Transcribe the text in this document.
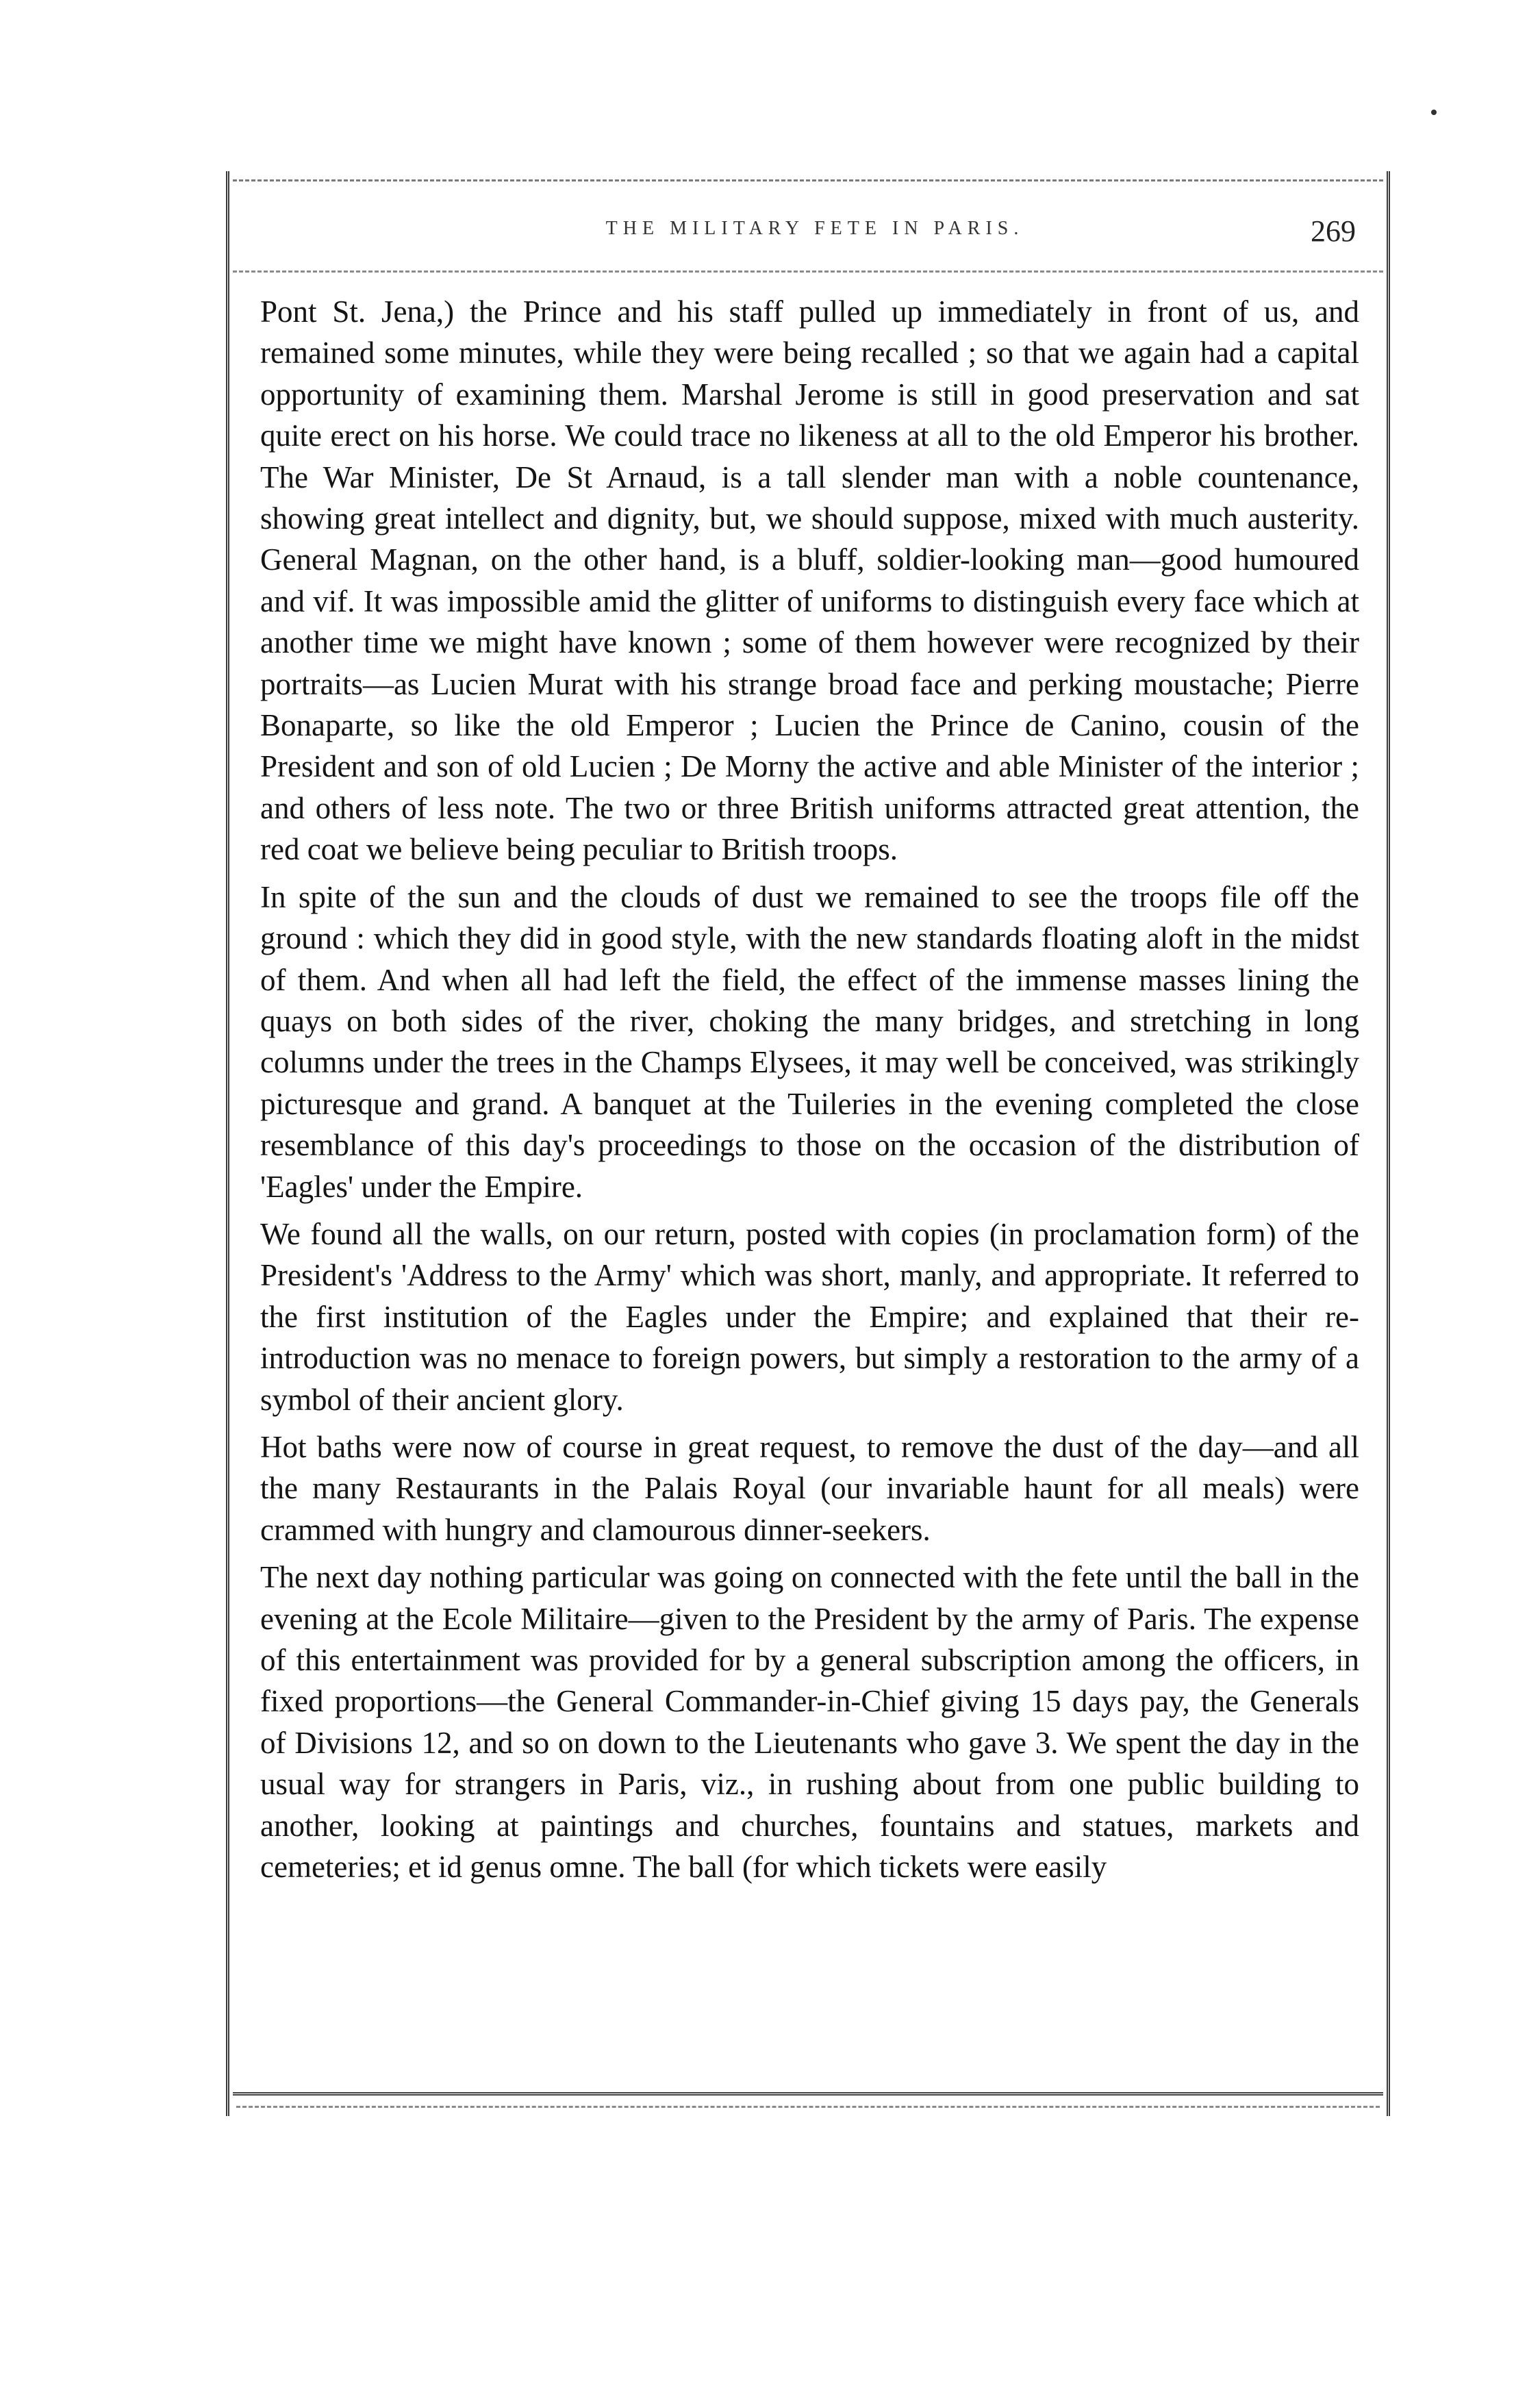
THE MILITARY FETE IN PARIS.	269

Pont St. Jena,) the Prince and his staff pulled up immediately in front of us, and remained some minutes, while they were being recalled ; so that we again had a capital opportunity of examining them. Marshal Jerome is still in good preservation and sat quite erect on his horse. We could trace no likeness at all to the old Emperor his brother. The War Minister, De St Arnaud, is a tall slender man with a noble countenance, showing great intellect and dignity, but, we should suppose, mixed with much austerity. General Magnan, on the other hand, is a bluff, soldier-looking man—good humoured and vif. It was impossible amid the glitter of uniforms to distinguish every face which at another time we might have known ; some of them however were recognized by their portraits—as Lucien Murat with his strange broad face and perking moustache; Pierre Bonaparte, so like the old Emperor ; Lucien the Prince de Canino, cousin of the President and son of old Lucien ; De Morny the active and able Minister of the interior ; and others of less note. The two or three British uniforms attracted great attention, the red coat we believe being peculiar to British troops.

In spite of the sun and the clouds of dust we remained to see the troops file off the ground : which they did in good style, with the new standards floating aloft in the midst of them. And when all had left the field, the effect of the immense masses lining the quays on both sides of the river, choking the many bridges, and stretching in long columns under the trees in the Champs Elysees, it may well be conceived, was strikingly picturesque and grand. A banquet at the Tuileries in the evening completed the close resemblance of this day's proceedings to those on the occasion of the distribution of 'Eagles' under the Empire.

We found all the walls, on our return, posted with copies (in proclamation form) of the President's 'Address to the Army' which was short, manly, and appropriate. It referred to the first institution of the Eagles under the Empire; and explained that their re-introduction was no menace to foreign powers, but simply a restoration to the army of a symbol of their ancient glory.

Hot baths were now of course in great request, to remove the dust of the day—and all the many Restaurants in the Palais Royal (our invariable haunt for all meals) were crammed with hungry and clamourous dinner-seekers.

The next day nothing particular was going on connected with the fete until the ball in the evening at the Ecole Militaire—given to the President by the army of Paris. The expense of this entertainment was provided for by a general subscription among the officers, in fixed proportions—the General Commander-in-Chief giving 15 days pay, the Generals of Divisions 12, and so on down to the Lieutenants who gave 3. We spent the day in the usual way for strangers in Paris, viz., in rushing about from one public building to another, looking at paintings and churches, fountains and statues, markets and cemeteries; et id genus omne. The ball (for which tickets were easily
